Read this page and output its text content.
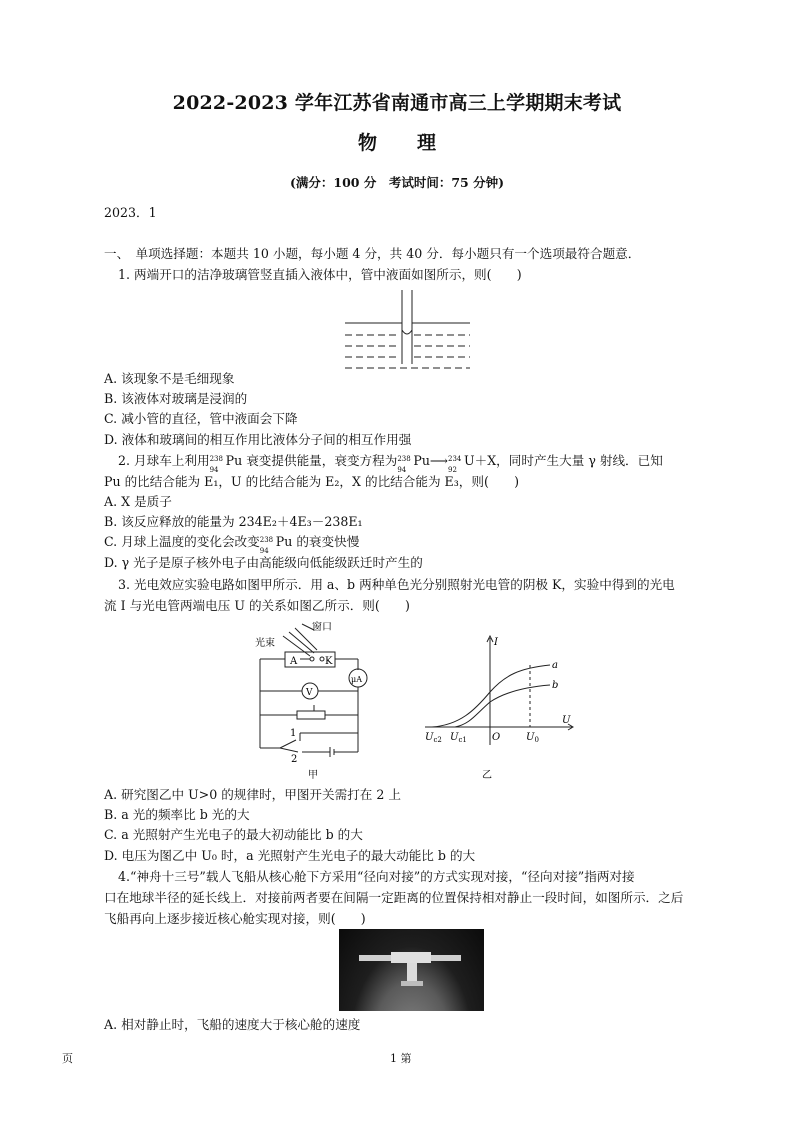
2022-2023 学年江苏省南通市高三上学期期末考试
物理
(满分：100 分　考试时间：75 分钟)
2023．1
一、　单项选择题：本题共 10 小题，每小题 4 分，共 40 分．每小题只有一个选项最符合题意．
1. 两端开口的洁净玻璃管竖直插入液体中，管中液面如图所示，则(　　)
A. 该现象不是毛细现象
B. 该液体对玻璃是浸润的
C. 减小管的直径，管中液面会下降
D. 液体和玻璃间的相互作用比液体分子间的相互作用强
2. 月球车上利用 238
94
Pu 衰变提供能量，衰变方程为 238
94
Pu⟶ 234
92
U＋X，同时产生大量 γ 射线．已知
Pu 的比结合能为 E₁，U 的比结合能为 E₂，X 的比结合能为 E₃，则(　　)
A. X 是质子
B. 该反应释放的能量为 234E₂＋4E₃－238E₁
C. 月球上温度的变化会改变 238
94
Pu 的衰变快慢
D. γ 光子是原子核外电子由高能级向低能级跃迁时产生的
3. 光电效应实验电路如图甲所示．用 a、b 两种单色光分别照射光电管的阴极 K，实验中得到的光电
流 I 与光电管两端电压 U 的关系如图乙所示．则(　　)
窗口
光束
A	K
V
μA
1
2
甲
I
U
a
b
O
$U_{c2}$ $U_{c1}$	$U_0$
乙
A. 研究图乙中 U>0 的规律时，甲图开关需打在 2 上
B. a 光的频率比 b 光的大
C. a 光照射产生光电子的最大初动能比 b 的大
D. 电压为图乙中 U₀ 时，a 光照射产生光电子的最大动能比 b 的大
4.“神舟十三号”载人飞船从核心舱下方采用“径向对接”的方式实现对接，“径向对接”指两对接
口在地球半径的延长线上．对接前两者要在间隔一定距离的位置保持相对静止一段时间，如图所示．之后
飞船再向上逐步接近核心舱实现对接，则(　　)
A. 相对静止时，飞船的速度大于核心舱的速度
页	1 第
